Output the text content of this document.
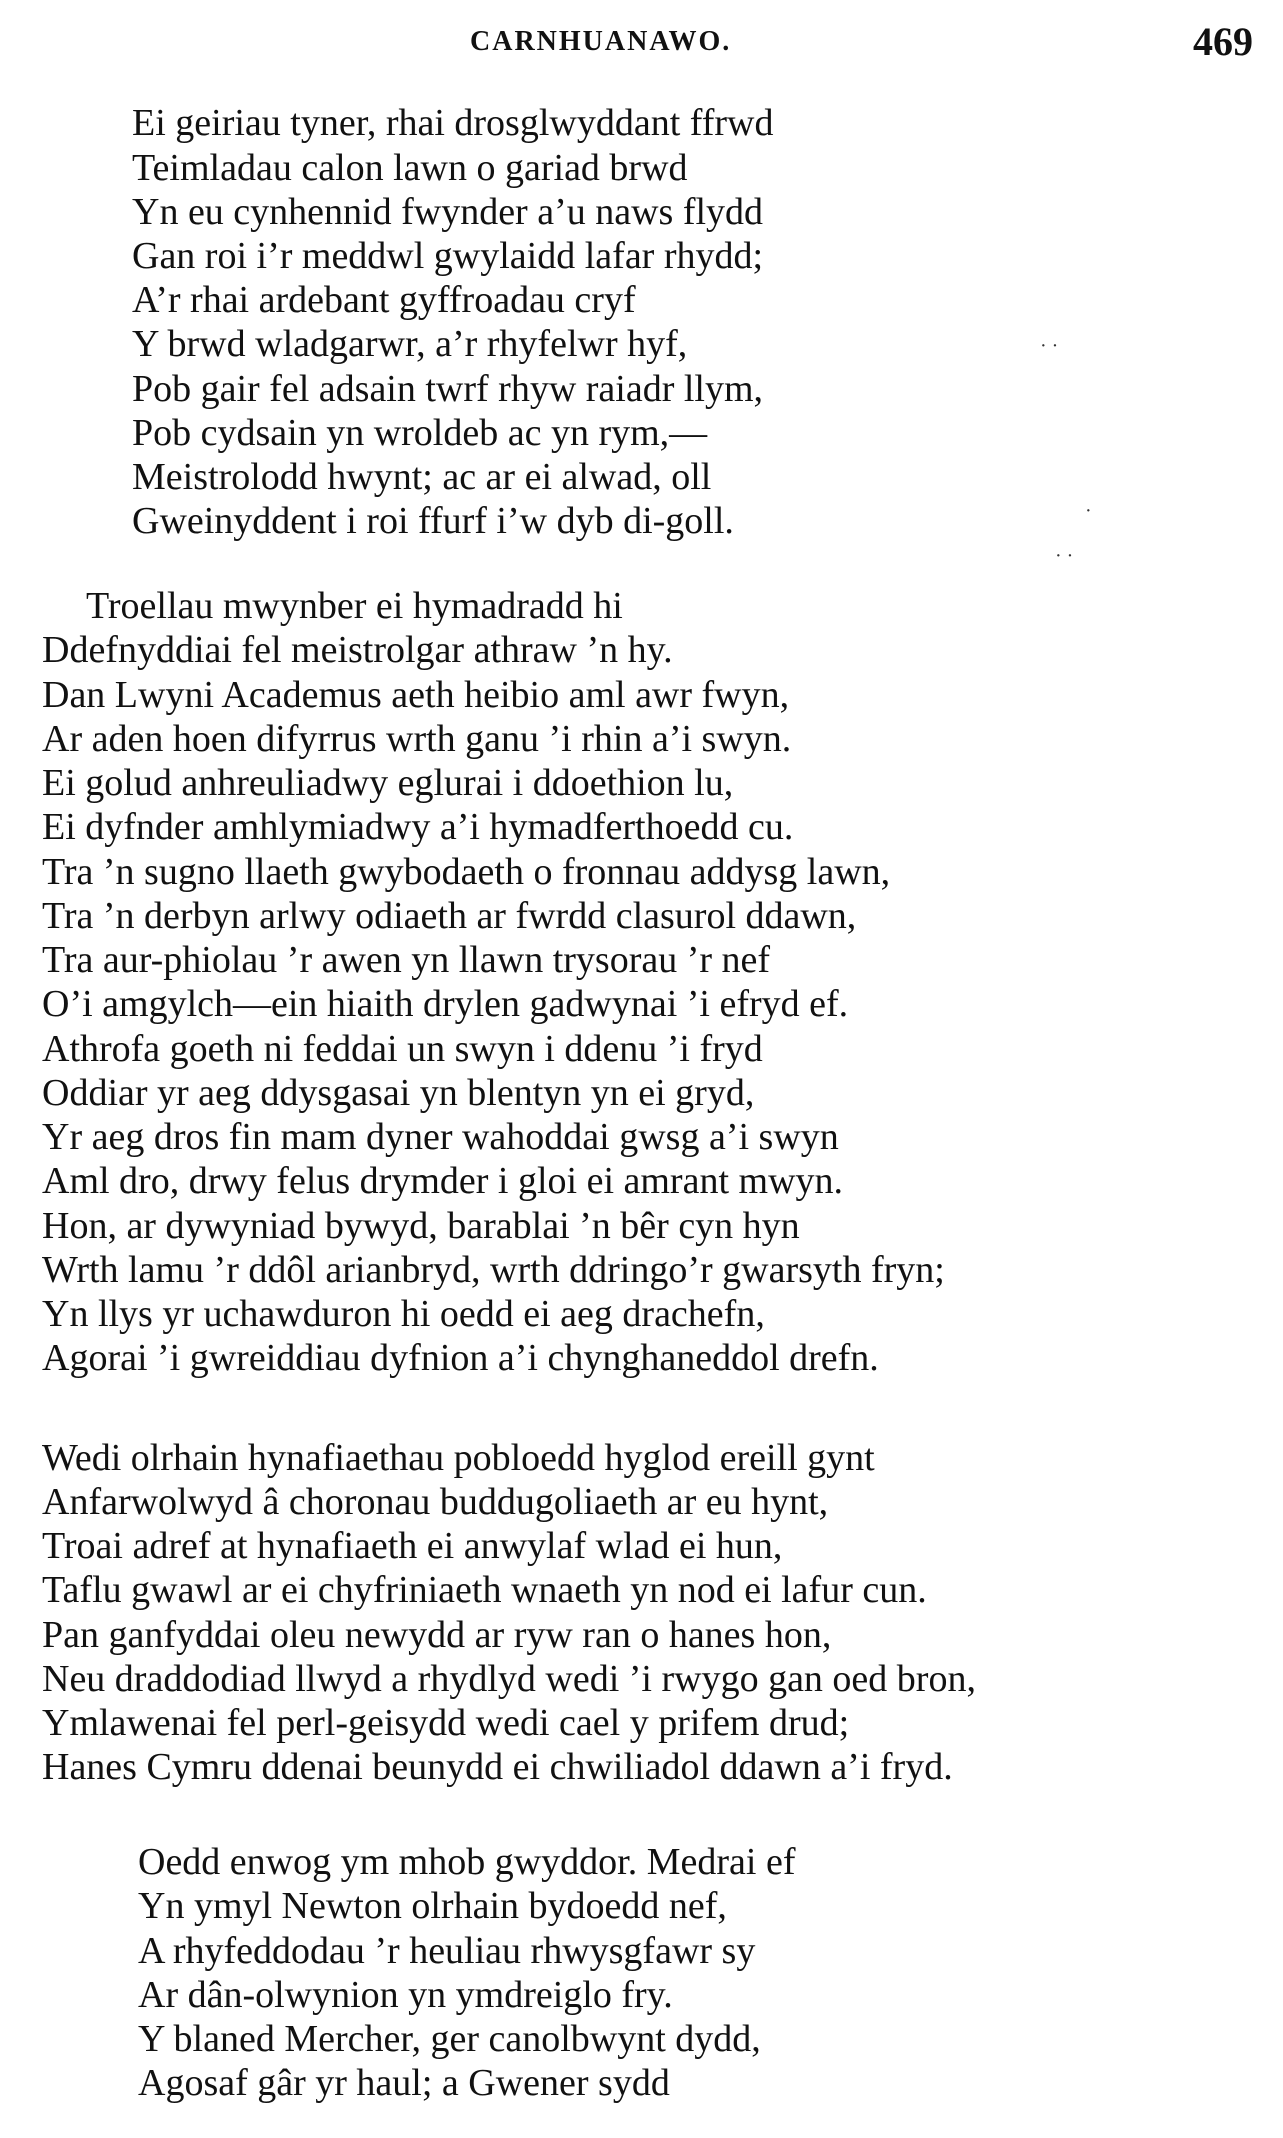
CARNHUANAWO.	469
Ei geiriau tyner, rhai drosglwyddant ffrwd
Teimladau calon lawn o gariad brwd
Yn eu cynhennid fwynder a’u naws flydd
Gan roi i’r meddwl gwylaidd lafar rhydd;
A’r rhai ardebant gyffroadau cryf
Y brwd wladgarwr, a’r rhyfelwr hyf,
Pob gair fel adsain twrf rhyw raiadr llym,
Pob cydsain yn wroldeb ac yn rym,—
Meistrolodd hwynt; ac ar ei alwad, oll
Gweinyddent i roi ffurf i’w dyb di-goll.
Troellau mwynber ei hymadradd hi
Ddefnyddiai fel meistrolgar athraw ’n hy.
Dan Lwyni Academus aeth heibio aml awr fwyn,
Ar aden hoen difyrrus wrth ganu ’i rhin a’i swyn.
Ei golud anhreuliadwy eglurai i ddoethion lu,
Ei dyfnder amhlymiadwy a’i hymadferthoedd cu.
Tra ’n sugno llaeth gwybodaeth o fronnau addysg lawn,
Tra ’n derbyn arlwy odiaeth ar fwrdd clasurol ddawn,
Tra aur-phiolau ’r awen yn llawn trysorau ’r nef
O’i amgylch—ein hiaith drylen gadwynai ’i efryd ef.
Athrofa goeth ni feddai un swyn i ddenu ’i fryd
Oddiar yr aeg ddysgasai yn blentyn yn ei gryd,
Yr aeg dros fin mam dyner wahoddai gwsg a’i swyn
Aml dro, drwy felus drymder i gloi ei amrant mwyn.
Hon, ar dywyniad bywyd, barablai ’n bêr cyn hyn
Wrth lamu ’r ddôl arianbryd, wrth ddringo’r gwarsyth fryn;
Yn llys yr uchawduron hi oedd ei aeg drachefn,
Agorai ’i gwreiddiau dyfnion a’i chynghaneddol drefn.
Wedi olrhain hynafiaethau pobloedd hyglod ereill gynt
Anfarwolwyd â choronau buddugoliaeth ar eu hynt,
Troai adref at hynafiaeth ei anwylaf wlad ei hun,
Taflu gwawl ar ei chyfriniaeth wnaeth yn nod ei lafur cun.
Pan ganfyddai oleu newydd ar ryw ran o hanes hon,
Neu draddodiad llwyd a rhydlyd wedi ’i rwygo gan oed bron,
Ymlawenai fel perl-geisydd wedi cael y prifem drud;
Hanes Cymru ddenai beunydd ei chwiliadol ddawn a’i fryd.
Oedd enwog ym mhob gwyddor. Medrai ef
Yn ymyl Newton olrhain bydoedd nef,
A rhyfeddodau ’r heuliau rhwysgfawr sy
Ar dân-olwynion yn ymdreiglo fry.
Y blaned Mercher, ger canolbwynt dydd,
Agosaf gâr yr haul; a Gwener sydd
· ·
·
· ·
